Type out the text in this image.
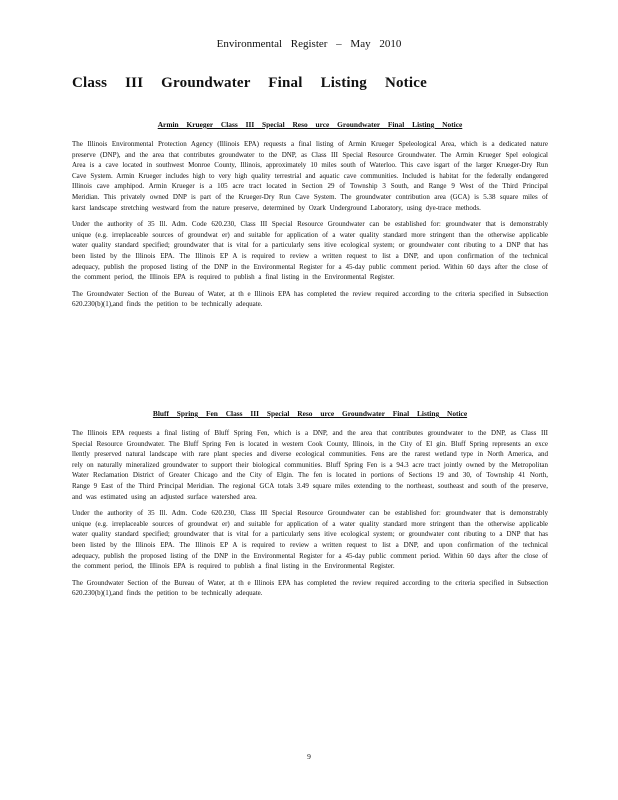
Environmental Register – May 2010
Class III Groundwater Final Listing Notice
Armin Krueger Class III Special Reso urce Groundwater Final Listing Notice

The Illinois Environmental Protection Agency (Illinois EPA) requests a final listing of Armin Krueger Speleological Area, which is a dedicated nature preserve (DNP), and the area that contributes groundwater to the DNP, as Class III Special Resource Groundwater. The Armin Krueger Spel eological Area is a cave located in southwest Monroe County, Illinois, approximately 10 miles south of Waterloo. This cave isgart of the larger Krueger-Dry Run Cave System. Armin Krueger includes high to very high quality terrestrial and aquatic cave communities. Included is habitat for the federally endangered Illinois cave amphipod. Armin Krueger is a 105 acre tract located in Section 29 of Township 3 South, and Range 9 West of the Third Principal Meridian. This privately owned DNP is part of the Krueger-Dry Run Cave System. The groundwater contribution area (GCA) is 5.38 square miles of karst landscape stretching westward from the nature preserve, determined by Ozark Underground Laboratory, using dye-trace methods.

Under the authority of 35 Ill. Adm. Code 620.230, Class III Special Resource Groundwater can be established for: groundwater that is demonstrably unique (e.g. irreplaceable sources of groundwat er) and suitable for application of a water quality standard more stringent than the otherwise applicable water quality standard specified; groundwater that is vital for a particularly sens itive ecological system; or groundwater cont ributing to a DNP that has been listed by the Illinois EPA. The Illinois EP A is required to review a written request to list a DNP, and upon confirmation of the technical adequacy, publish the proposed listing of the DNP in the Environmental Register for a 45-day public comment period. Within 60 days after the close of the comment period, the Illinois EPA is required to publish a final listing in the Environmental Register.

The Groundwater Section of the Bureau of Water, at th e Illinois EPA has completed the review required according to the criteria specified in Subsection 620.230(b)(1),and finds the petition to be technically adequate.

Bluff Spring Fen Class III Special Reso urce Groundwater Final Listing Notice

The Illinois EPA requests a final listing of Bluff Spring Fen, which is a DNP, and the area that contributes groundwater to the DNP, as Class III Special Resource Groundwater. The Bluff Spring Fen is located in western Cook County, Illinois, in the City of El gin. Bluff Spring represents an exce llently preserved natural landscape with rare plant species and diverse ecological communities. Fens are the rarest wetland type in North America, and rely on naturally mineralized groundwater to support their biological communities. Bluff Spring Fen is a 94.3 acre tract jointly owned by the Metropolitan Water Reclamation District of Greater Chicago and the City of Elgin. The fen is located in portions of Sections 19 and 30, of Township 41 North, Range 9 East of the Third Principal Meridian. The regional GCA totals 3.49 square miles extending to the northeast, southeast and south of the preserve, and was estimated using an adjusted surface watershed area.

Under the authority of 35 Ill. Adm. Code 620.230, Class III Special Resource Groundwater can be established for: groundwater that is demonstrably unique (e.g. irreplaceable sources of groundwat er) and suitable for application of a water quality standard more stringent than the otherwise applicable water quality standard specified; groundwater that is vital for a particularly sens itive ecological system; or groundwater cont ributing to a DNP that has been listed by the Illinois EPA. The Illinois EP A is required to review a written request to list a DNP, and upon confirmation of the technical adequacy, publish the proposed listing of the DNP in the Environmental Register for a 45-day public comment period. Within 60 days after the close of the comment period, the Illinois EPA is required to publish a final listing in the Environmental Register.

The Groundwater Section of the Bureau of Water, at th e Illinois EPA has completed the review required according to the criteria specified in Subsection 620.230(b)(1),and finds the petition to be technically adequate.

9
